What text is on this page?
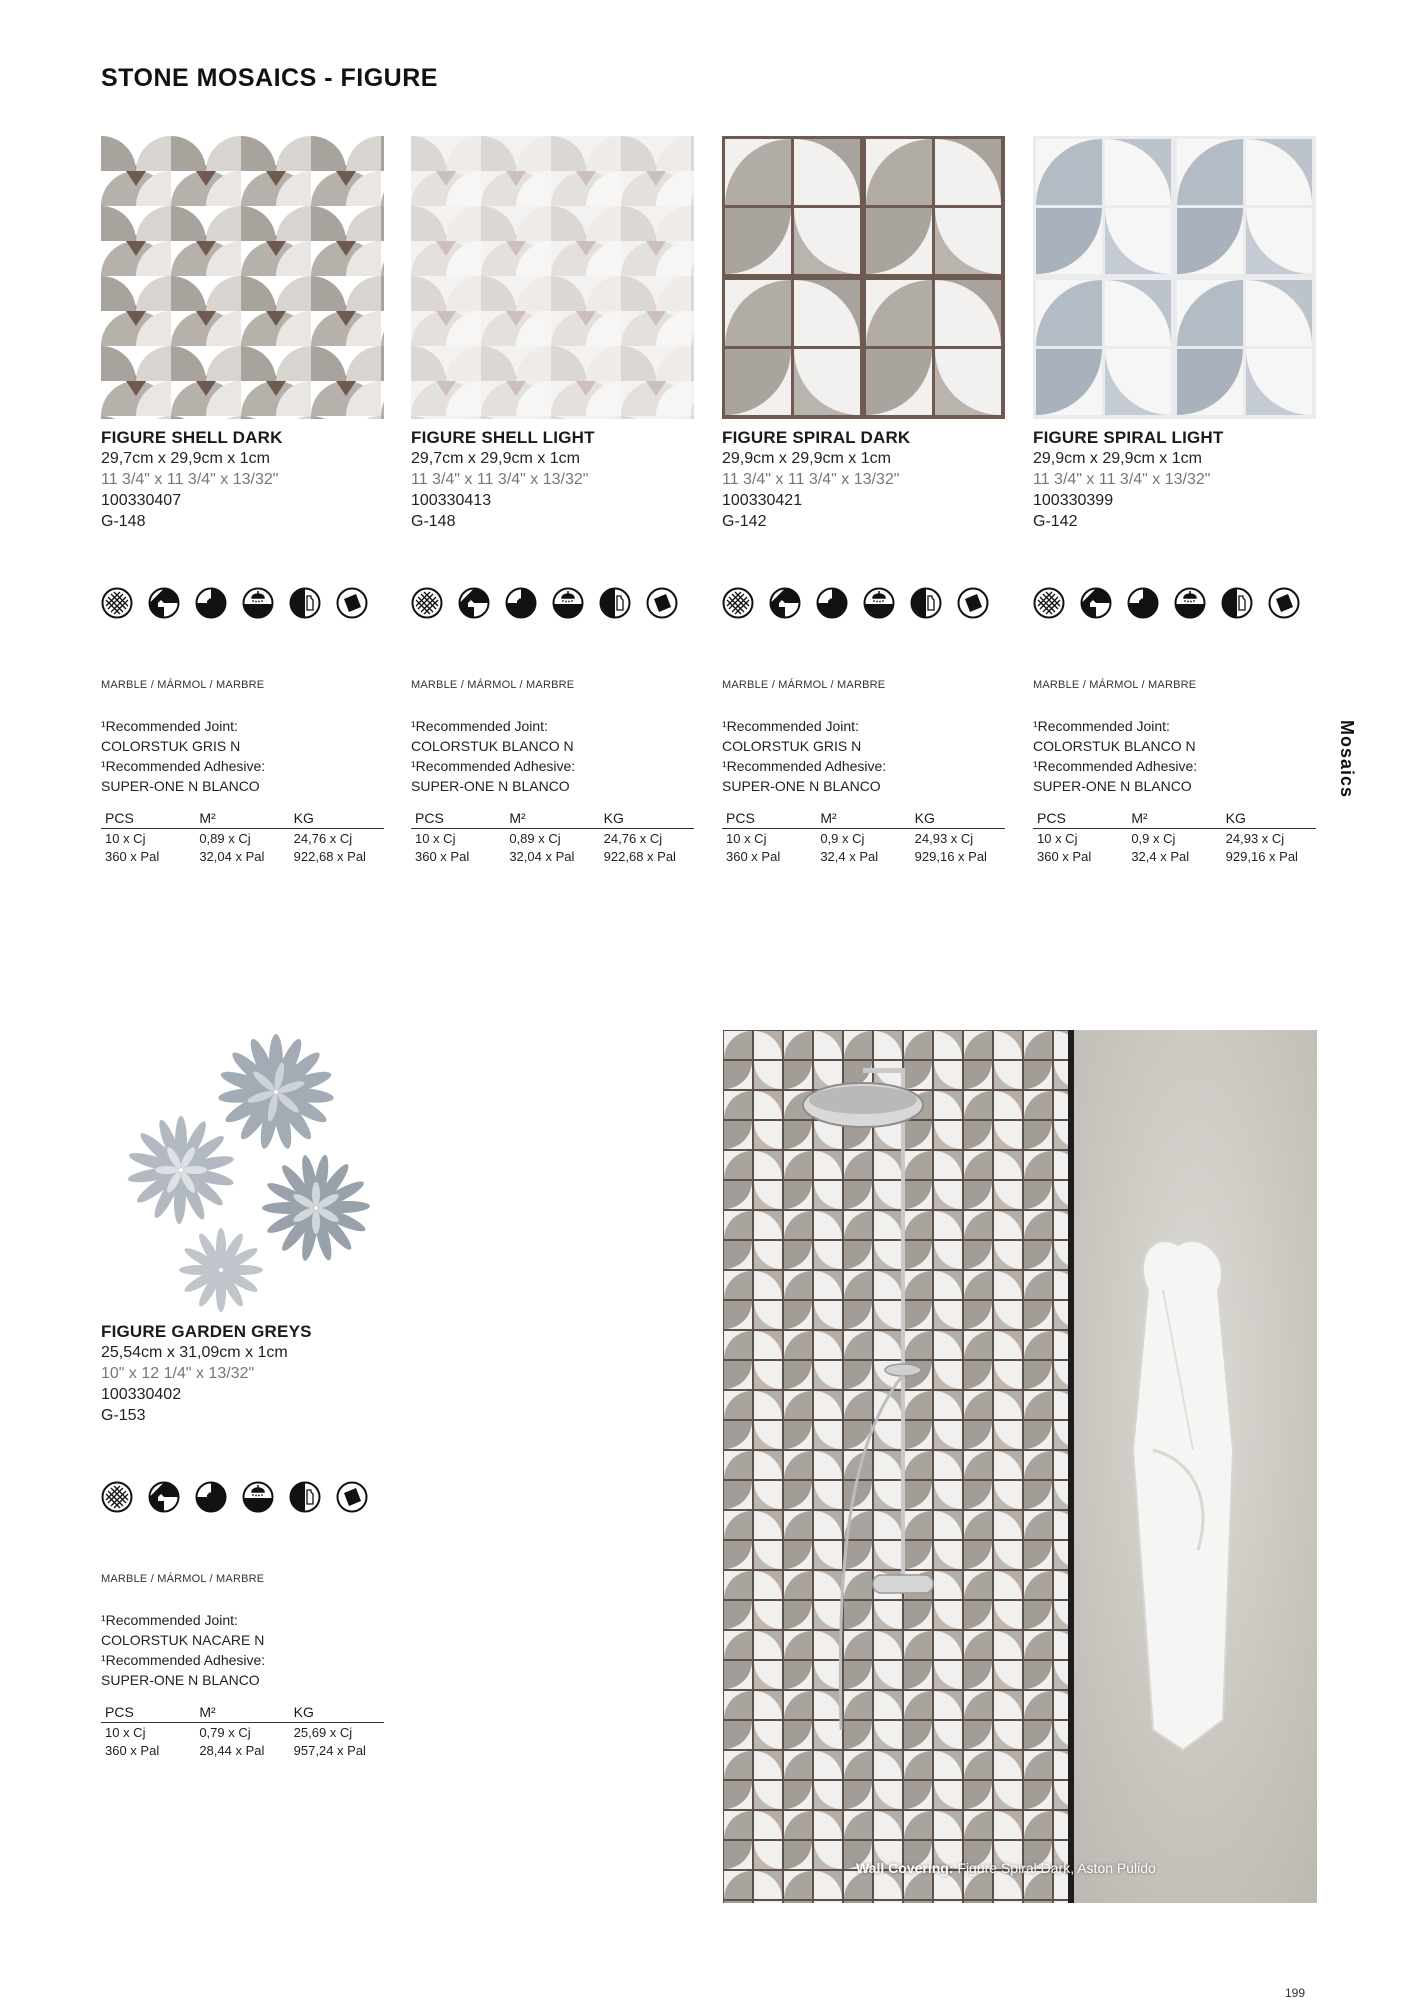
STONE MOSAICS - FIGURE
FIGURE SHELL DARK
29,7cm x 29,9cm x 1cm
11 3/4" x 11 3/4" x 13/32"
100330407
G-148
MARBLE / MÁRMOL / MARBRE
¹Recommended Joint:
COLORSTUK GRIS N
¹Recommended Adhesive:
SUPER-ONE N BLANCO
PCS	M²	KG
10 x Cj	0,89 x Cj	24,76 x Cj
360 x Pal	32,04 x Pal	922,68 x Pal
FIGURE SHELL LIGHT
29,7cm x 29,9cm x 1cm
11 3/4" x 11 3/4" x 13/32"
100330413
G-148
MARBLE / MÁRMOL / MARBRE
¹Recommended Joint:
COLORSTUK BLANCO N
¹Recommended Adhesive:
SUPER-ONE N BLANCO
PCS	M²	KG
10 x Cj	0,89 x Cj	24,76 x Cj
360 x Pal	32,04 x Pal	922,68 x Pal
FIGURE SPIRAL DARK
29,9cm x 29,9cm x 1cm
11 3/4" x 11 3/4" x 13/32"
100330421
G-142
MARBLE / MÁRMOL / MARBRE
¹Recommended Joint:
COLORSTUK GRIS N
¹Recommended Adhesive:
SUPER-ONE N BLANCO
PCS	M²	KG
10 x Cj	0,9 x Cj	24,93 x Cj
360 x Pal	32,4 x Pal	929,16 x Pal
FIGURE SPIRAL LIGHT
29,9cm x 29,9cm x 1cm
11 3/4" x 11 3/4" x 13/32"
100330399
G-142
MARBLE / MÁRMOL / MARBRE
¹Recommended Joint:
COLORSTUK BLANCO N
¹Recommended Adhesive:
SUPER-ONE N BLANCO
PCS	M²	KG
10 x Cj	0,9 x Cj	24,93 x Cj
360 x Pal	32,4 x Pal	929,16 x Pal
FIGURE GARDEN GREYS
25,54cm x 31,09cm x 1cm
10" x 12 1/4" x 13/32"
100330402
G-153
MARBLE / MÁRMOL / MARBRE
¹Recommended Joint:
COLORSTUK NACARE N
¹Recommended Adhesive:
SUPER-ONE N BLANCO
PCS	M²	KG
10 x Cj	0,79 x Cj	25,69 x Cj
360 x Pal	28,44 x Pal	957,24 x Pal
Wall Covering: Figure Spiral Dark, Aston Pulido
Mosaics
199
